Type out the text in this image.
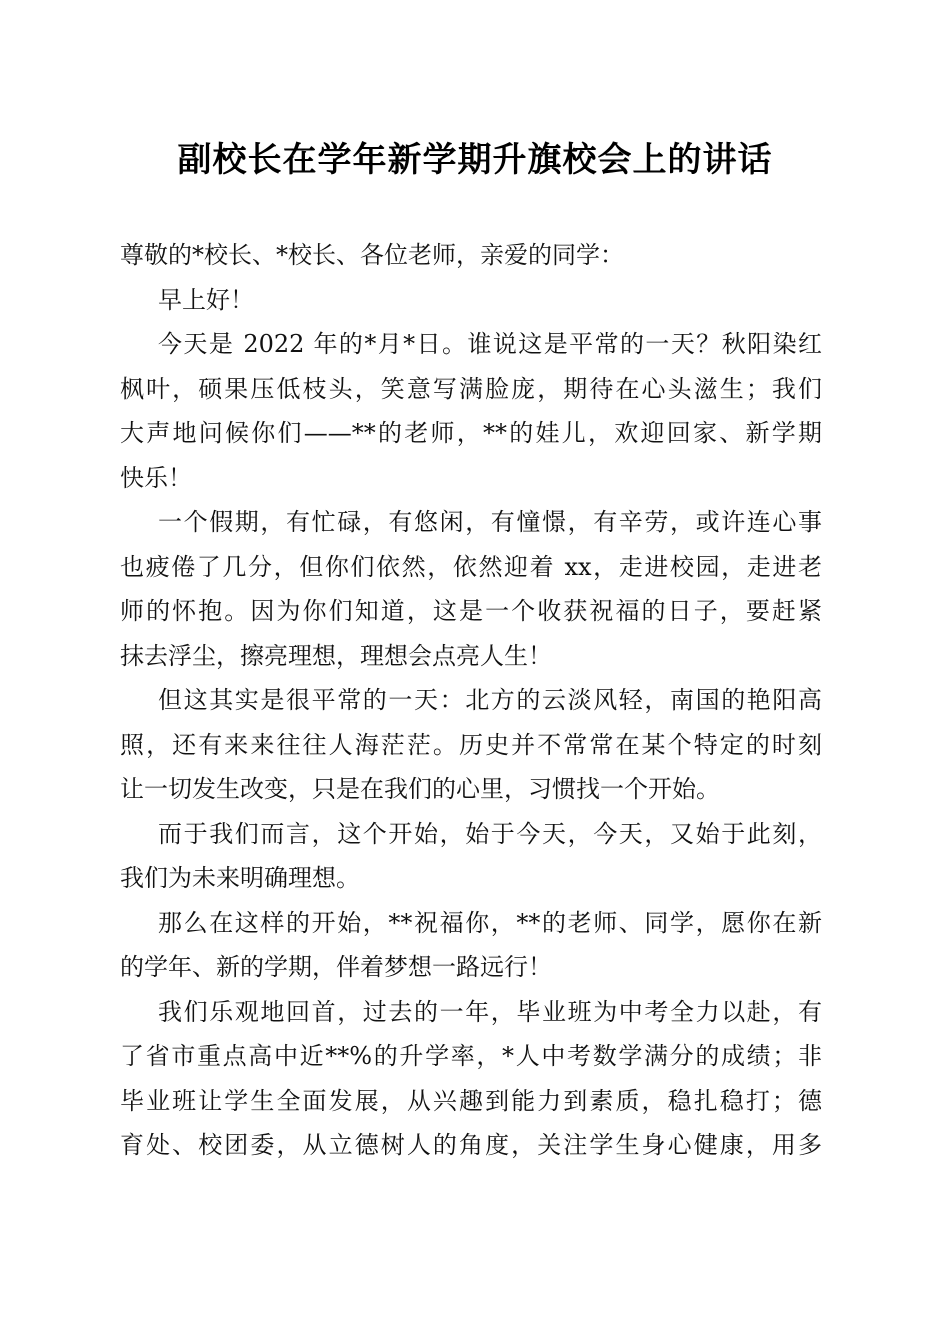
副校长在学年新学期升旗校会上的讲话
尊敬的*校长、*校长、各位老师，亲爱的同学：
早上好！
今天是 2022 年的*月*日。谁说这是平常的一天？秋阳染红
枫叶，硕果压低枝头，笑意写满脸庞，期待在心头滋生；我们
大声地问候你们——**的老师，**的娃儿，欢迎回家、新学期
快乐！
一个假期，有忙碌，有悠闲，有憧憬，有辛劳，或许连心事
也疲倦了几分，但你们依然，依然迎着 xx，走进校园，走进老
师的怀抱。因为你们知道，这是一个收获祝福的日子，要赶紧
抹去浮尘，擦亮理想，理想会点亮人生！
但这其实是很平常的一天：北方的云淡风轻，南国的艳阳高
照，还有来来往往人海茫茫。历史并不常常在某个特定的时刻
让一切发生改变，只是在我们的心里，习惯找一个开始。
而于我们而言，这个开始，始于今天，今天，又始于此刻，
我们为未来明确理想。
那么在这样的开始，**祝福你，**的老师、同学，愿你在新
的学年、新的学期，伴着梦想一路远行！
我们乐观地回首，过去的一年，毕业班为中考全力以赴，有
了省市重点高中近**%的升学率，*人中考数学满分的成绩；非
毕业班让学生全面发展，从兴趣到能力到素质，稳扎稳打；德
育处、校团委，从立德树人的角度，关注学生身心健康，用多
